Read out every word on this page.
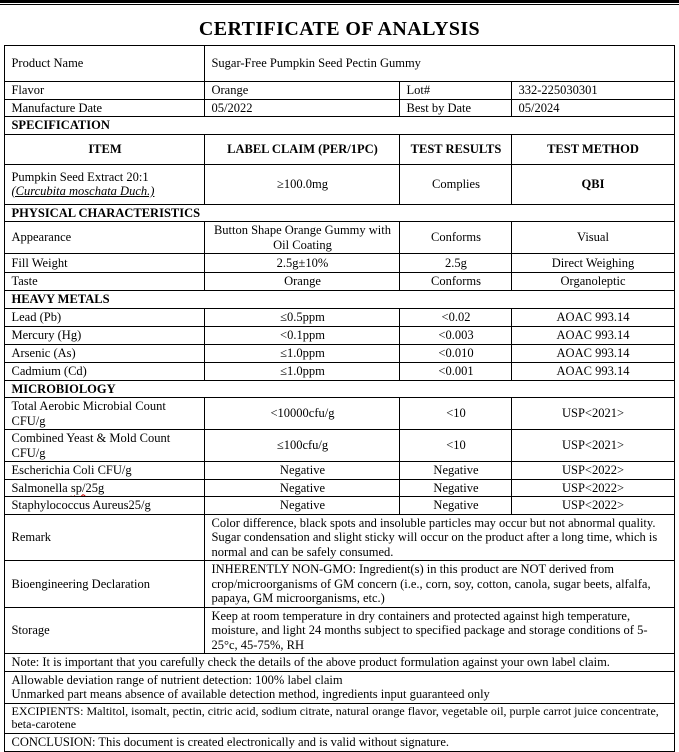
CERTIFICATE OF ANALYSIS
Product Name	Sugar-Free Pumpkin Seed Pectin Gummy		
Flavor	Orange	Lot#	332-225030301
Manufacture Date	05/2022	Best by Date	05/2024
SPECIFICATION			
ITEM	LABEL CLAIM (PER/1PC)	TEST RESULTS	TEST METHOD

Pumpkin Seed Extract 20:1
(Curcubita moschata Duch.)	≥100.0mg	Complies	QBI
PHYSICAL CHARACTERISTICS			
Appearance	Button Shape Orange Gummy with Oil Coating	Conforms	Visual
Fill Weight	2.5g±10%	2.5g	Direct Weighing
Taste	Orange	Conforms	Organoleptic
HEAVY METALS			
Lead (Pb)	≤0.5ppm	<0.02	AOAC 993.14
Mercury (Hg)	<0.1ppm	<0.003	AOAC 993.14
Arsenic (As)	≤1.0ppm	<0.010	AOAC 993.14
Cadmium (Cd)	≤1.0ppm	<0.001	AOAC 993.14
MICROBIOLOGY			
Total Aerobic Microbial Count CFU/g	<10000cfu/g	<10	USP<2021>
Combined Yeast & Mold Count CFU/g	≤100cfu/g	<10	USP<2021>
Escherichia Coli CFU/g	Negative	Negative	USP<2022>
Salmonella sp/25g	Negative	Negative	USP<2022>
Staphylococcus Aureus25/g	Negative	Negative	USP<2022>
Remark	Color difference, black spots and insoluble particles may occur but not abnormal quality. Sugar condensation and slight sticky will occur on the product after a long time, which is normal and can be safely consumed.		
Bioengineering Declaration	INHERENTLY NON-GMO: Ingredient(s) in this product are NOT derived from crop/microorganisms of GM concern (i.e., corn, soy, cotton, canola, sugar beets, alfalfa, papaya, GM microorganisms, etc.)		
Storage	Keep at room temperature in dry containers and protected against high temperature, moisture, and light 24 months subject to specified package and storage conditions of 5-25°c, 45-75%, RH		
Note: It is important that you carefully check the details of the above product formulation against your own label claim.			

Allowable deviation range of nutrient detection: 100% label claim
Unmarked part means absence of available detection method, ingredients input guaranteed only			

EXCIPIENTS: Maltitol, isomalt, pectin, citric acid, sodium citrate, natural orange flavor, vegetable oil, purple carrot juice concentrate, beta-carotene			
CONCLUSION: This document is created electronically and is valid without signature.			
